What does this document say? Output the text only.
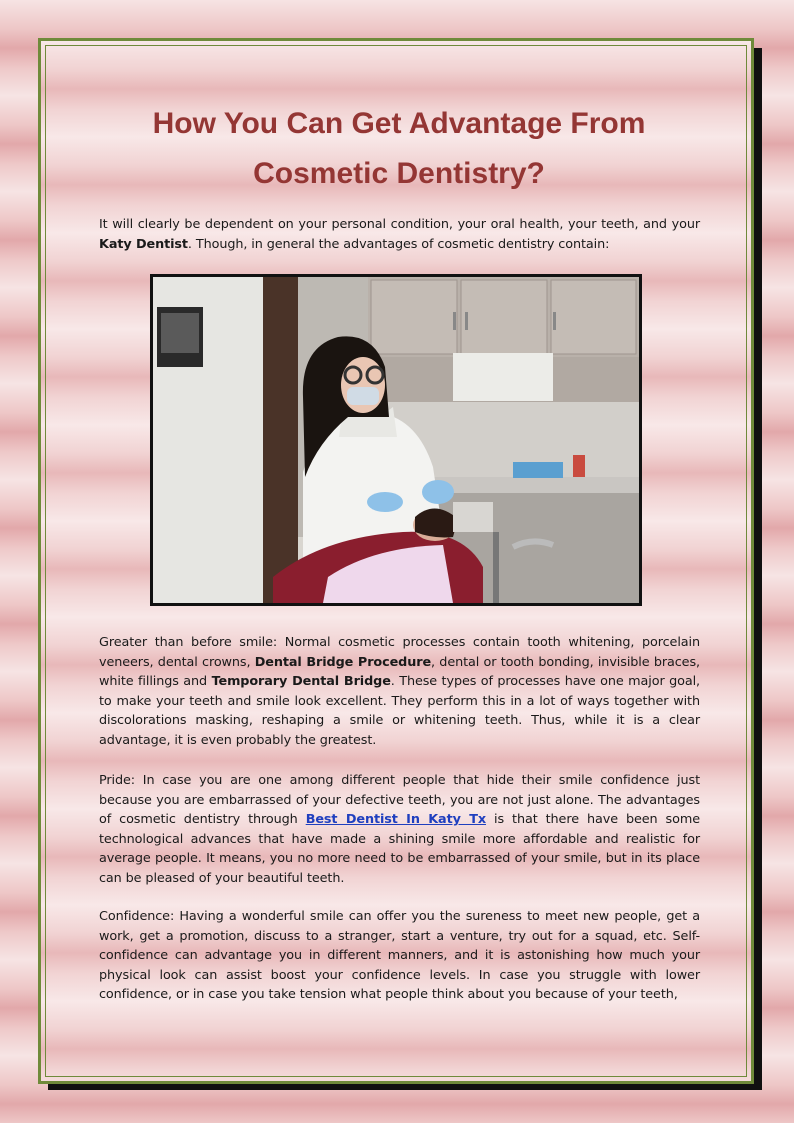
How You Can Get Advantage From
Cosmetic Dentistry?

It will clearly be dependent on your personal condition, your oral health, your teeth, and your Katy Dentist. Though, in general the advantages of cosmetic dentistry contain:

Greater than before smile: Normal cosmetic processes contain tooth whitening, porcelain veneers, dental crowns, Dental Bridge Procedure, dental or tooth bonding, invisible braces, white fillings and Temporary Dental Bridge. These types of processes have one major goal, to make your teeth and smile look excellent. They perform this in a lot of ways together with discolorations masking, reshaping a smile or whitening teeth. Thus, while it is a clear advantage, it is even probably the greatest.

Pride: In case you are one among different people that hide their smile confidence just because you are embarrassed of your defective teeth, you are not just alone. The advantages of cosmetic dentistry through Best Dentist In Katy Tx is that there have been some technological advances that have made a shining smile more affordable and realistic for average people. It means, you no more need to be embarrassed of your smile, but in its place can be pleased of your beautiful teeth.

Confidence: Having a wonderful smile can offer you the sureness to meet new people, get a work, get a promotion, discuss to a stranger, start a venture, try out for a squad, etc. Self-confidence can advantage you in different manners, and it is astonishing how much your physical look can assist boost your confidence levels. In case you struggle with lower confidence, or in case you take tension what people think about you because of your teeth,
